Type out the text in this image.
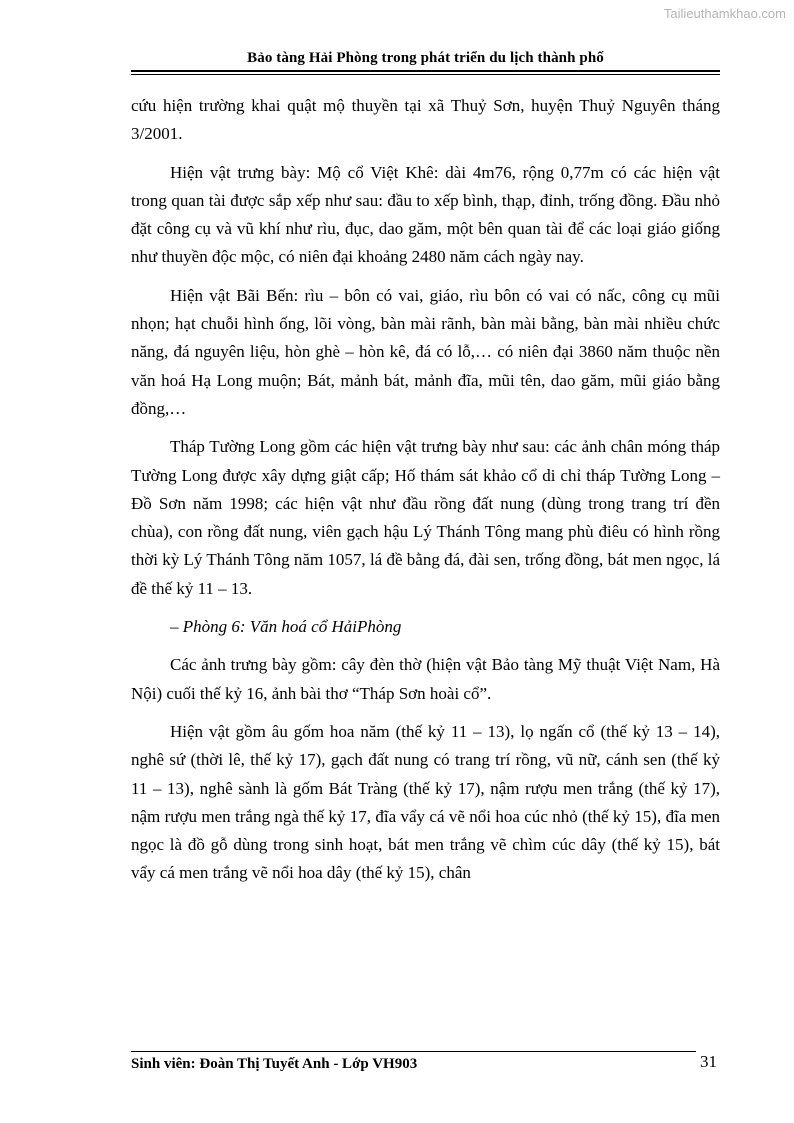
Tailieuthamkhao.com
Bảo tàng Hải Phòng trong phát triển du lịch thành phố

cứu hiện trường khai quật mộ thuyền tại xã Thuỷ Sơn, huyện Thuỷ Nguyên tháng 3/2001.

Hiện vật trưng bày: Mộ cổ Việt Khê: dài 4m76, rộng 0,77m có các hiện vật trong quan tài được sắp xếp như sau: đầu to xếp bình, thạp, đỉnh, trống đồng. Đầu nhỏ đặt công cụ và vũ khí như rìu, đục, dao găm, một bên quan tài để các loại giáo giống như thuyền độc mộc, có niên đại khoảng 2480 năm cách ngày nay.

Hiện vật Bãi Bến: rìu – bôn có vai, giáo, rìu bôn có vai có nấc, công cụ mũi nhọn; hạt chuỗi hình ống, lõi vòng, bàn mài rãnh, bàn mài bằng, bàn mài nhiều chức năng, đá nguyên liệu, hòn ghè – hòn kê, đá có lỗ,… có niên đại 3860 năm thuộc nền văn hoá Hạ Long muộn; Bát, mảnh bát, mảnh đĩa, mũi tên, dao găm, mũi giáo bằng đồng,…

Tháp Tường Long gồm các hiện vật trưng bày như sau: các ảnh chân móng tháp Tường Long được xây dựng giật cấp; Hố thám sát khảo cổ di chỉ tháp Tường Long – Đồ Sơn năm 1998; các hiện vật như đầu rồng đất nung (dùng trong trang trí đền chùa), con rồng đất nung, viên gạch hậu Lý Thánh Tông mang phù điêu có hình rồng thời kỳ Lý Thánh Tông năm 1057, lá đề bằng đá, đài sen, trống đồng, bát men ngọc, lá đề thế kỷ 11 – 13.

– Phòng 6: Văn hoá cổ HảiPhòng

Các ảnh trưng bày gồm: cây đèn thờ (hiện vật Bảo tàng Mỹ thuật Việt Nam, Hà Nội) cuối thế kỷ 16, ảnh bài thơ “Tháp Sơn hoài cổ”.

Hiện vật gồm âu gốm hoa năm (thế kỷ 11 – 13), lọ ngấn cổ (thế kỷ 13 – 14), nghê sứ (thời lê, thế kỷ 17), gạch đất nung có trang trí rồng, vũ nữ, cánh sen (thế kỷ 11 – 13), nghê sành là gốm Bát Tràng (thế kỷ 17), nậm rượu men trắng (thế kỷ 17), nậm rượu men trắng ngà thế kỷ 17, đĩa vẩy cá vẽ nổi hoa cúc nhỏ (thế kỷ 15), đĩa men ngọc là đồ gỗ dùng trong sinh hoạt, bát men trắng vẽ chìm cúc dây (thế kỷ 15), bát vẩy cá men trắng vẽ nổi hoa dây (thế kỷ 15), chân

Sinh viên: Đoàn Thị Tuyết Anh - Lớp VH903	31
